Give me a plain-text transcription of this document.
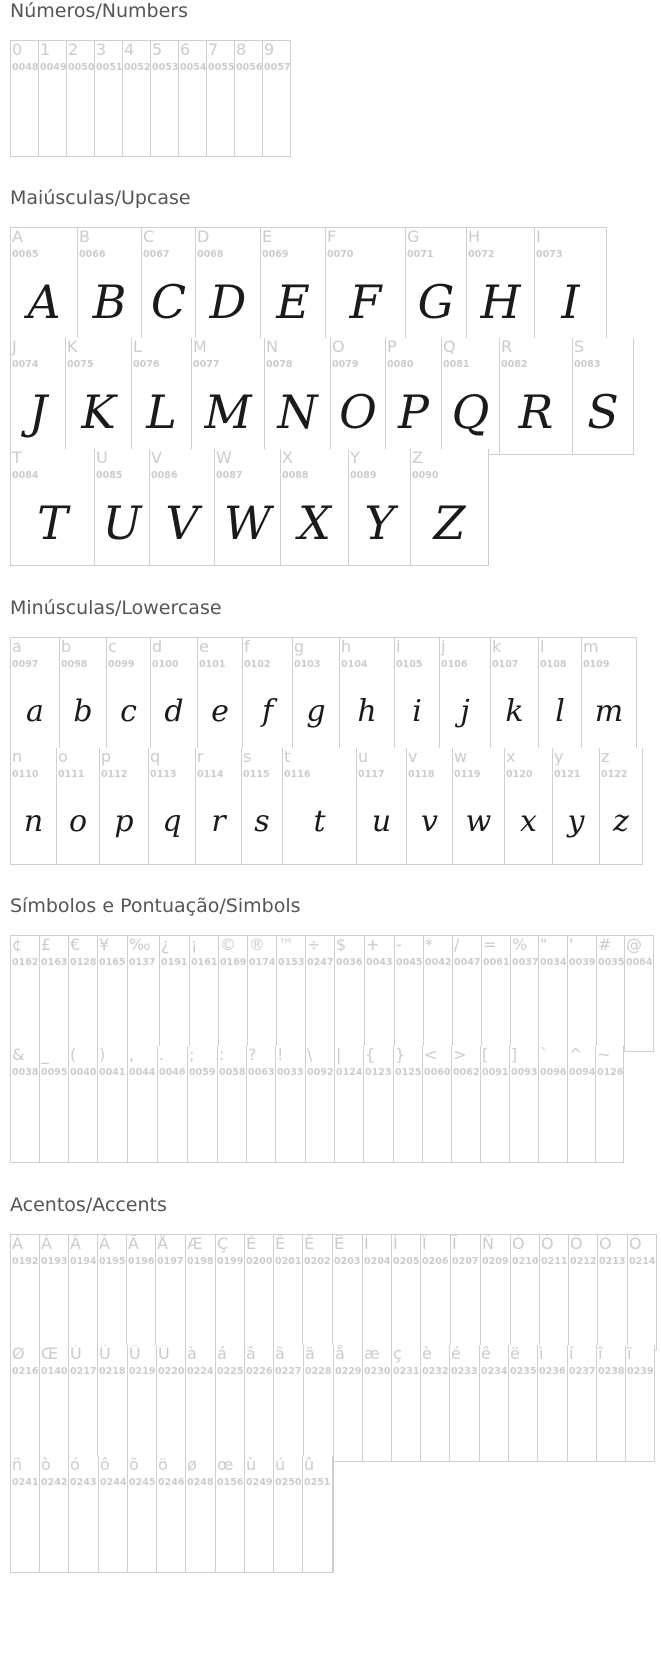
Números/Numbers
0
0048
1
0049
2
0050
3
0051
4
0052
5
0053
6
0054
7
0055
8
0056
9
0057
Maiúsculas/Upcase
A
0065
A
B
0066
B
C
0067
C
D
0068
D
E
0069
E
F
0070
F
G
0071
G
H
0072
H
I
0073
I
J
0074
J
K
0075
K
L
0076
L
M
0077
M
N
0078
N
O
0079
O
P
0080
P
Q
0081
Q
R
0082
R
S
0083
S
T
0084
T
U
0085
U
V
0086
V
W
0087
W
X
0088
X
Y
0089
Y
Z
0090
Z
Minúsculas/Lowercase
a
0097
a
b
0098
b
c
0099
c
d
0100
d
e
0101
e
f
0102
f
g
0103
g
h
0104
h
i
0105
i
j
0106
j
k
0107
k
l
0108
l
m
0109
m
n
0110
n
o
0111
o
p
0112
p
q
0113
q
r
0114
r
s
0115
s
t
0116
t
u
0117
u
v
0118
v
w
0119
w
x
0120
x
y
0121
y
z
0122
z
Símbolos e Pontuação/Simbols
¢
0162
£
0163
€
0128
¥
0165
‰
0137
¿
0191
¡
0161
©
0169
®
0174
™
0153
÷
0247
$
0036
+
0043
-
0045
*
0042
/
0047
=
0061
%
0037
"
0034
'
0039
#
0035
@
0064
&
0038
_
0095
(
0040
)
0041
,
0044
.
0046
;
0059
:
0058
?
0063
!
0033
\
0092
|
0124
{
0123
}
0125
<
0060
>
0062
[
0091
]
0093
`
0096
^
0094
~
0126
Acentos/Accents
À
0192
Á
0193
Â
0194
Ã
0195
Ä
0196
Å
0197
Æ
0198
Ç
0199
È
0200
É
0201
Ê
0202
Ë
0203
Ì
0204
Í
0205
Î
0206
Ï
0207
Ñ
0209
Ò
0210
Ó
0211
Ô
0212
Õ
0213
Ö
0214
Ø
0216
Œ
0140
Ù
0217
Ú
0218
Û
0219
Ü
0220
à
0224
á
0225
â
0226
ã
0227
ä
0228
å
0229
æ
0230
ç
0231
è
0232
é
0233
ê
0234
ë
0235
ì
0236
í
0237
î
0238
ï
0239
ñ
0241
ò
0242
ó
0243
ô
0244
õ
0245
ö
0246
ø
0248
œ
0156
ù
0249
ú
0250
û
0251
